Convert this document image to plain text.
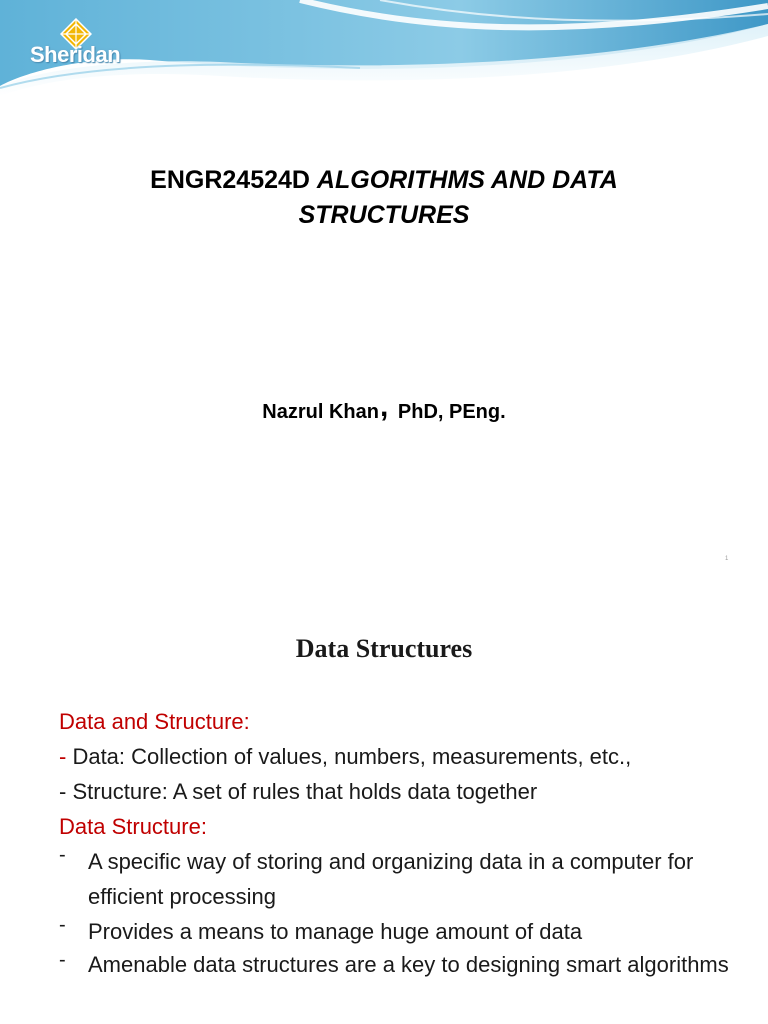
Sheridan
ENGR24524D ALGORITHMS AND DATA STRUCTURES
Nazrul Khan, PhD, PEng.
1
Data Structures
Data and Structure:
- Data: Collection of values, numbers, measurements, etc.,
- Structure: A set of rules that holds data together
Data Structure:
- A specific way of storing and organizing data in a computer for efficient processing
- Provides a means to manage huge amount of data
- Amenable data structures are a key to designing smart algorithms
